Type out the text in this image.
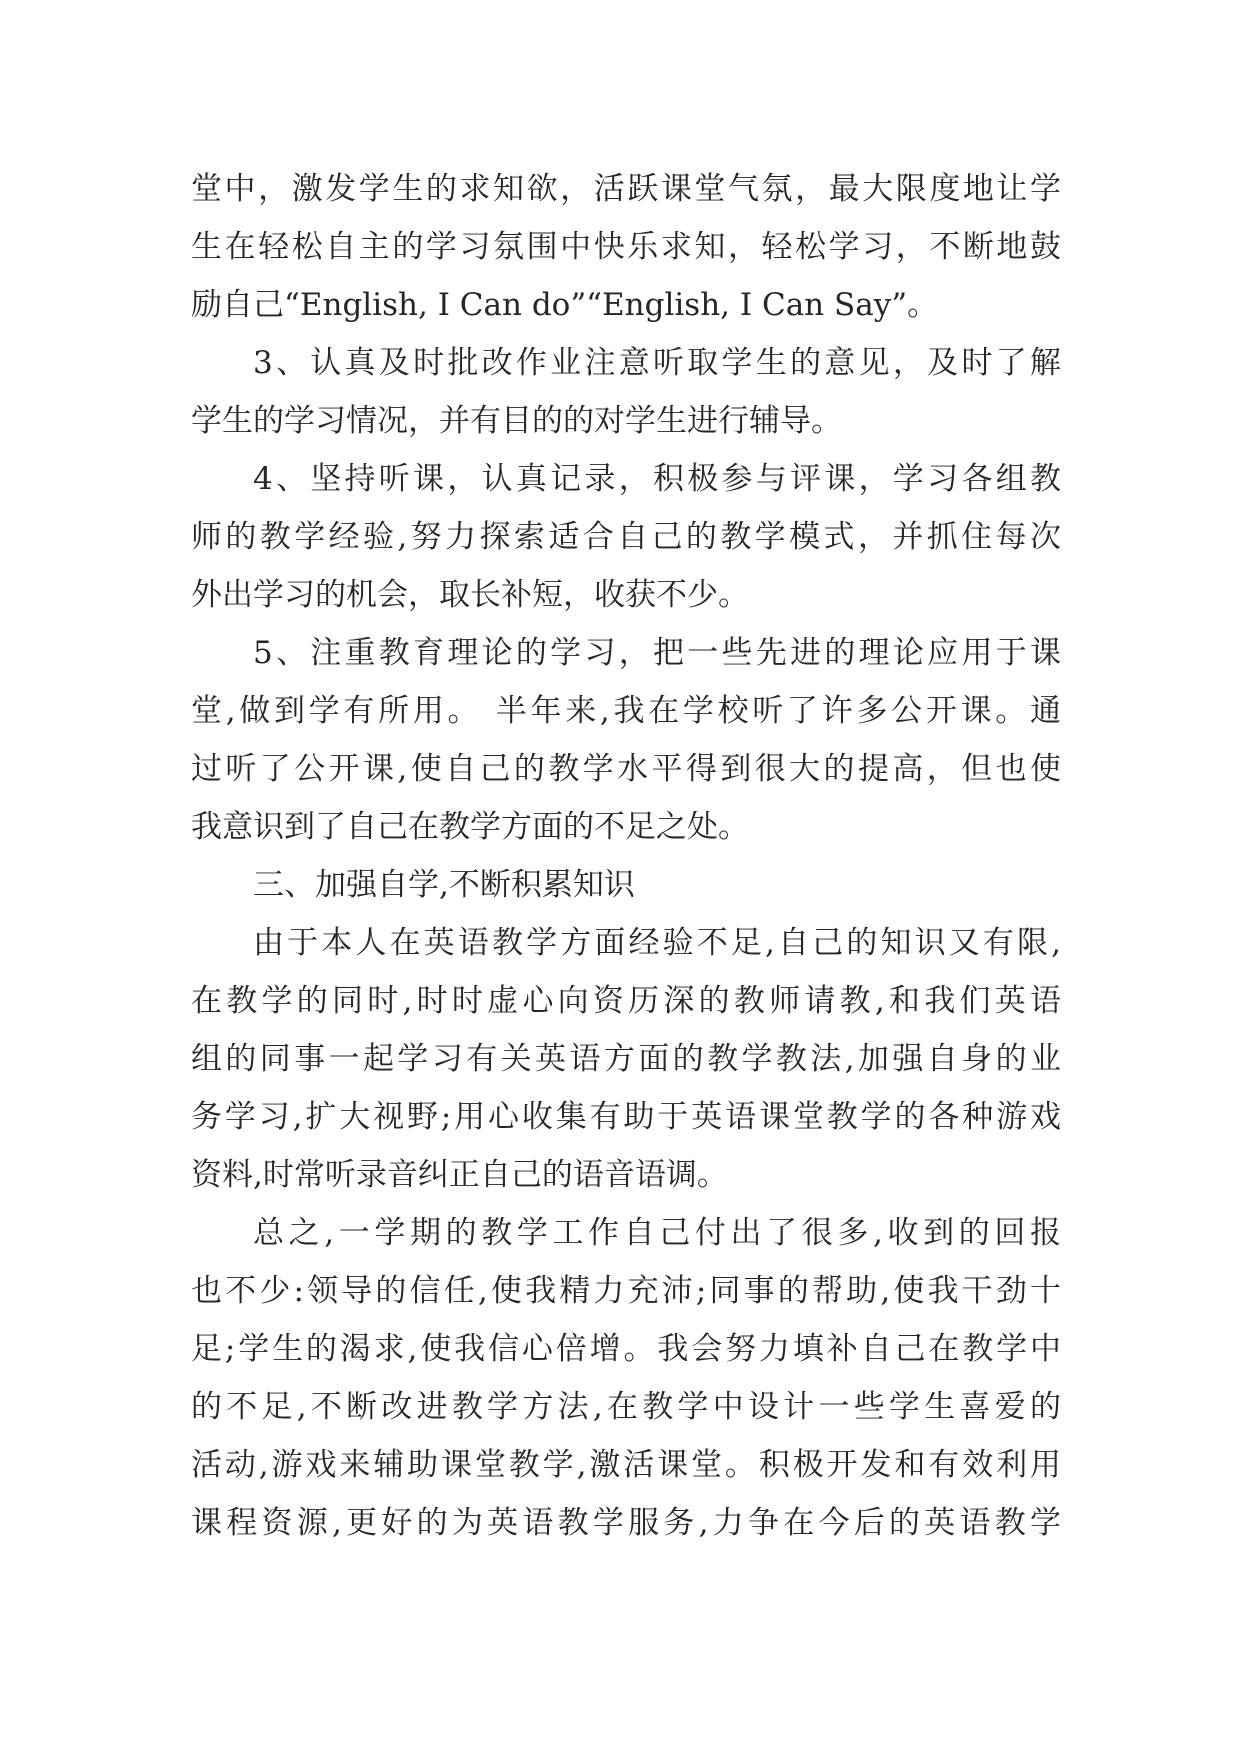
堂中，激发学生的求知欲，活跃课堂气氛，最大限度地让学
生在轻松自主的学习氛围中快乐求知，轻松学习，不断地鼓
励自己“English, I Can do”“English, I Can Say”。
3、认真及时批改作业注意听取学生的意见，及时了解
学生的学习情况，并有目的的对学生进行辅导。
4、坚持听课，认真记录，积极参与评课，学习各组教
师的教学经验,努力探索适合自己的教学模式，并抓住每次
外出学习的机会，取长补短，收获不少。
5、注重教育理论的学习，把一些先进的理论应用于课
堂,做到学有所用。 半年来,我在学校听了许多公开课。通
过听了公开课,使自己的教学水平得到很大的提高，但也使
我意识到了自己在教学方面的不足之处。
三、加强自学,不断积累知识
由于本人在英语教学方面经验不足,自己的知识又有限,
在教学的同时,时时虚心向资历深的教师请教,和我们英语
组的同事一起学习有关英语方面的教学教法,加强自身的业
务学习,扩大视野;用心收集有助于英语课堂教学的各种游戏
资料,时常听录音纠正自己的语音语调。
总之,一学期的教学工作自己付出了很多,收到的回报
也不少:领导的信任,使我精力充沛;同事的帮助,使我干劲十
足;学生的渴求,使我信心倍增。我会努力填补自己在教学中
的不足,不断改进教学方法,在教学中设计一些学生喜爱的
活动,游戏来辅助课堂教学,激活课堂。积极开发和有效利用
课程资源,更好的为英语教学服务,力争在今后的英语教学
